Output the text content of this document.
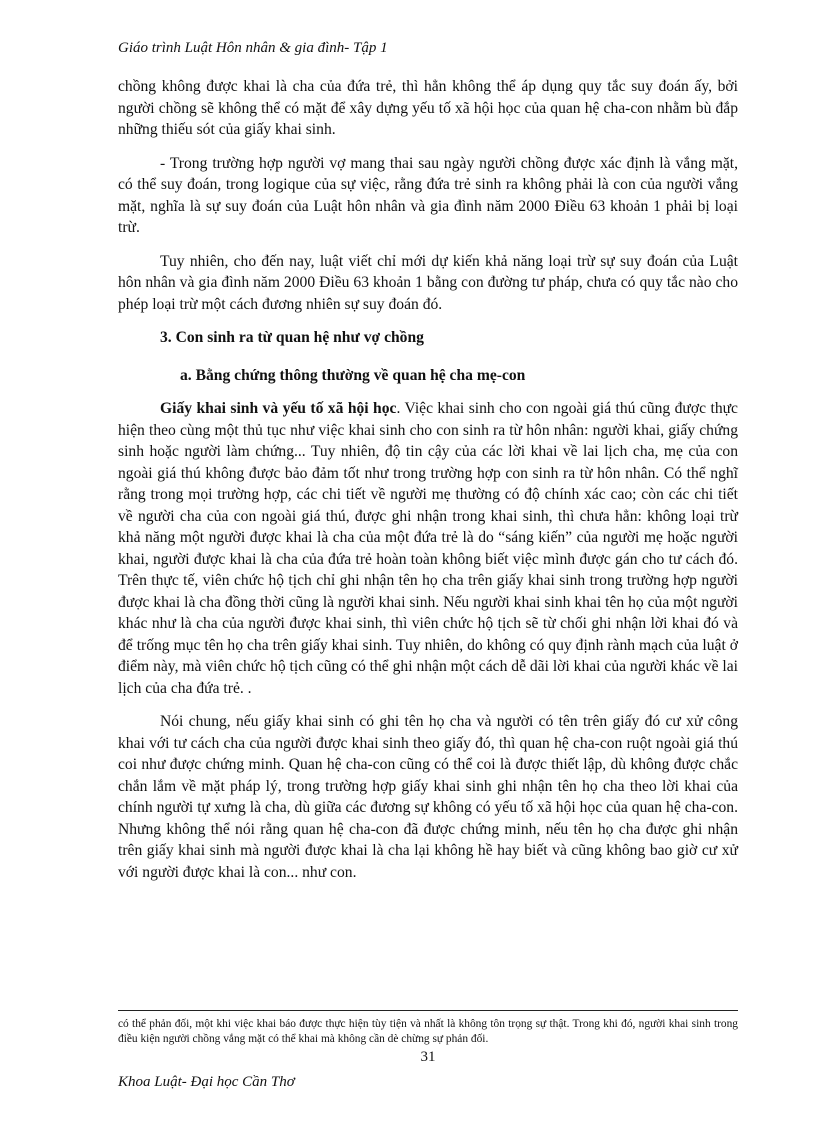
Giáo trình Luật Hôn nhân & gia đình- Tập 1

chồng không được khai là cha của đứa trẻ, thì hẳn không thể áp dụng quy tắc suy đoán ấy, bởi người chồng sẽ không thể có mặt để xây dựng yếu tố xã hội học của quan hệ cha-con nhằm bù đắp những thiếu sót của giấy khai sinh.

- Trong trường hợp người vợ mang thai sau ngày người chồng được xác định là vắng mặt, có thể suy đoán, trong logique của sự việc, rằng đứa trẻ sinh ra không phải là con của người vắng mặt, nghĩa là sự suy đoán của Luật hôn nhân và gia đình năm 2000 Điều 63 khoản 1 phải bị loại trừ.

Tuy nhiên, cho đến nay, luật viết chỉ mới dự kiến khả năng loại trừ sự suy đoán của Luật hôn nhân và gia đình năm 2000 Điều 63 khoản 1 bằng con đường tư pháp, chưa có quy tắc nào cho phép loại trừ một cách đương nhiên sự suy đoán đó.

3. Con sinh ra từ quan hệ như vợ chồng
a. Bằng chứng thông thường về quan hệ cha mẹ-con

Giấy khai sinh và yếu tố xã hội học. Việc khai sinh cho con ngoài giá thú cũng được thực hiện theo cùng một thủ tục như việc khai sinh cho con sinh ra từ hôn nhân: người khai, giấy chứng sinh hoặc người làm chứng... Tuy nhiên, độ tin cậy của các lời khai về lai lịch cha, mẹ của con ngoài giá thú không được bảo đảm tốt như trong trường hợp con sinh ra từ hôn nhân. Có thể nghĩ rằng trong mọi trường hợp, các chi tiết về người mẹ thường có độ chính xác cao; còn các chi tiết về người cha của con ngoài giá thú, được ghi nhận trong khai sinh, thì chưa hẳn: không loại trừ khả năng một người được khai là cha của một đứa trẻ là do “sáng kiến” của người mẹ hoặc người khai, người được khai là cha của đứa trẻ hoàn toàn không biết việc mình được gán cho tư cách đó. Trên thực tế, viên chức hộ tịch chỉ ghi nhận tên họ cha trên giấy khai sinh trong trường hợp người được khai là cha đồng thời cũng là người khai sinh. Nếu người khai sinh khai tên họ của một người khác như là cha của người được khai sinh, thì viên chức hộ tịch sẽ từ chối ghi nhận lời khai đó và để trống mục tên họ cha trên giấy khai sinh. Tuy nhiên, do không có quy định rành mạch của luật ở điểm này, mà viên chức hộ tịch cũng có thể ghi nhận một cách dễ dãi lời khai của người khác về lai lịch của cha đứa trẻ. .

Nói chung, nếu giấy khai sinh có ghi tên họ cha và người có tên trên giấy đó cư xử công khai với tư cách cha của người được khai sinh theo giấy đó, thì quan hệ cha-con ruột ngoài giá thú coi như được chứng minh. Quan hệ cha-con cũng có thể coi là được thiết lập, dù không được chắc chắn lắm về mặt pháp lý, trong trường hợp giấy khai sinh ghi nhận tên họ cha theo lời khai của chính người tự xưng là cha, dù giữa các đương sự không có yếu tố xã hội học của quan hệ cha-con. Nhưng không thể nói rằng quan hệ cha-con đã được chứng minh, nếu tên họ cha được ghi nhận trên giấy khai sinh mà người được khai là cha lại không hề hay biết và cũng không bao giờ cư xử với người được khai là con... như con.

có thể phản đối, một khi việc khai báo được thực hiện tùy tiện và nhất là không tôn trọng sự thật. Trong khi đó, người khai sinh trong điều kiện người chồng vắng mặt có thể khai mà không cần dè chừng sự phản đối.

31
Khoa Luật- Đại học Cần Thơ
